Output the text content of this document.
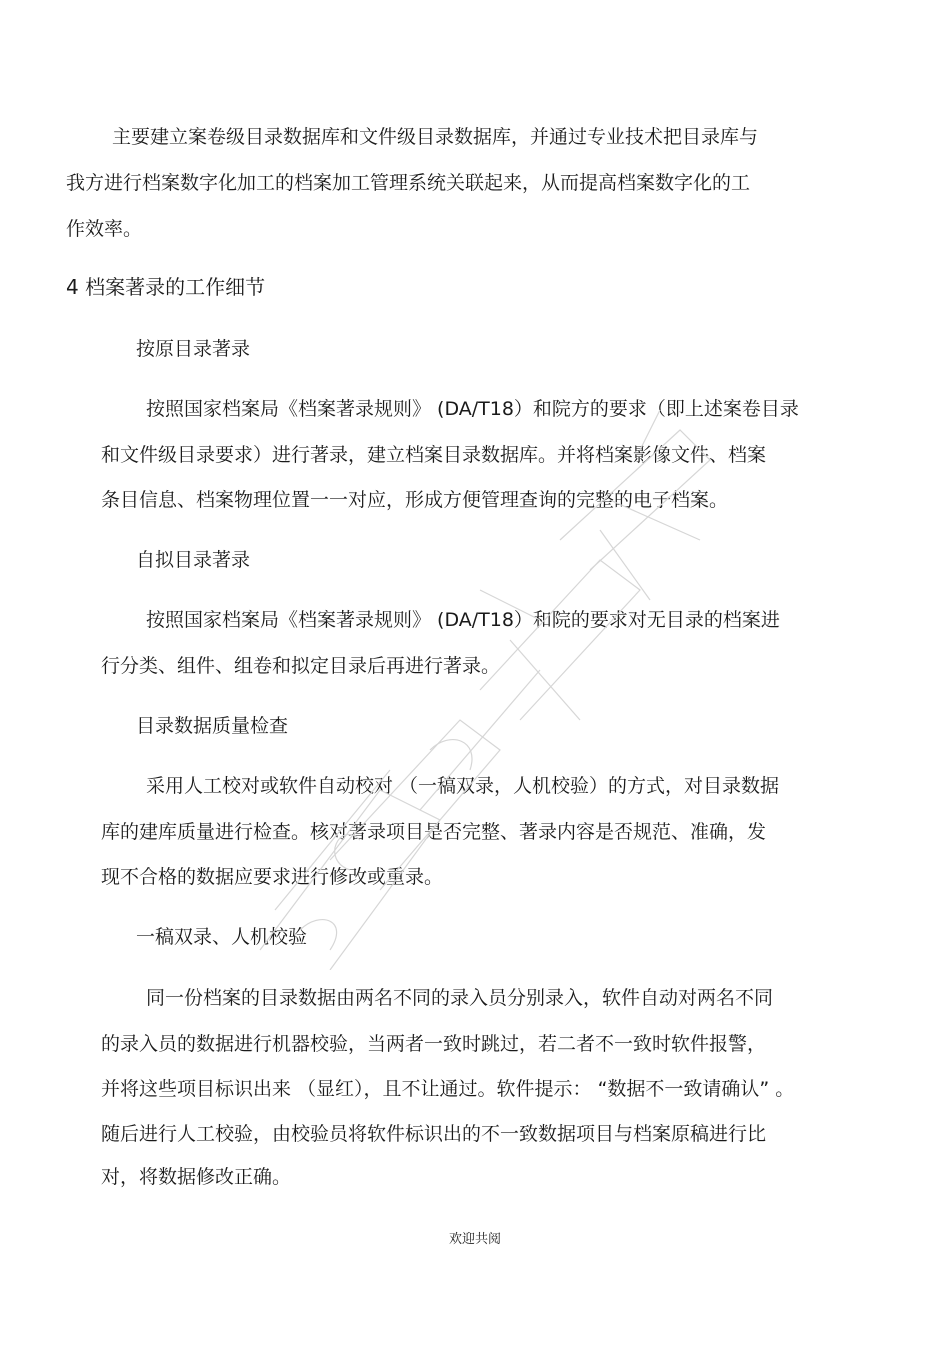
主要建立案卷级目录数据库和文件级目录数据库，并通过专业技术把目录库与

我方进行档案数字化加工的档案加工管理系统关联起来，从而提高档案数字化的工

作效率。

4 档案著录的工作细节

按原目录著录

按照国家档案局《档案著录规则》 (DA/T18）和院方的要求（即上述案卷目录

和文件级目录要求）进行著录，建立档案目录数据库。并将档案影像文件、档案

条目信息、档案物理位置一一对应，形成方便管理查询的完整的电子档案。

自拟目录著录

按照国家档案局《档案著录规则》 (DA/T18）和院的要求对无目录的档案进

行分类、组件、组卷和拟定目录后再进行著录。

目录数据质量检查

采用人工校对或软件自动校对 （一稿双录，人机校验）的方式，对目录数据

库的建库质量进行检查。核对著录项目是否完整、著录内容是否规范、准确，发

现不合格的数据应要求进行修改或重录。

一稿双录、人机校验

同一份档案的目录数据由两名不同的录入员分别录入，软件自动对两名不同

的录入员的数据进行机器校验，当两者一致时跳过，若二者不一致时软件报警，

并将这些项目标识出来 （显红），且不让通过。软件提示： “数据不一致请确认” 。

随后进行人工校验，由校验员将软件标识出的不一致数据项目与档案原稿进行比

对，将数据修改正确。

欢迎共阅
